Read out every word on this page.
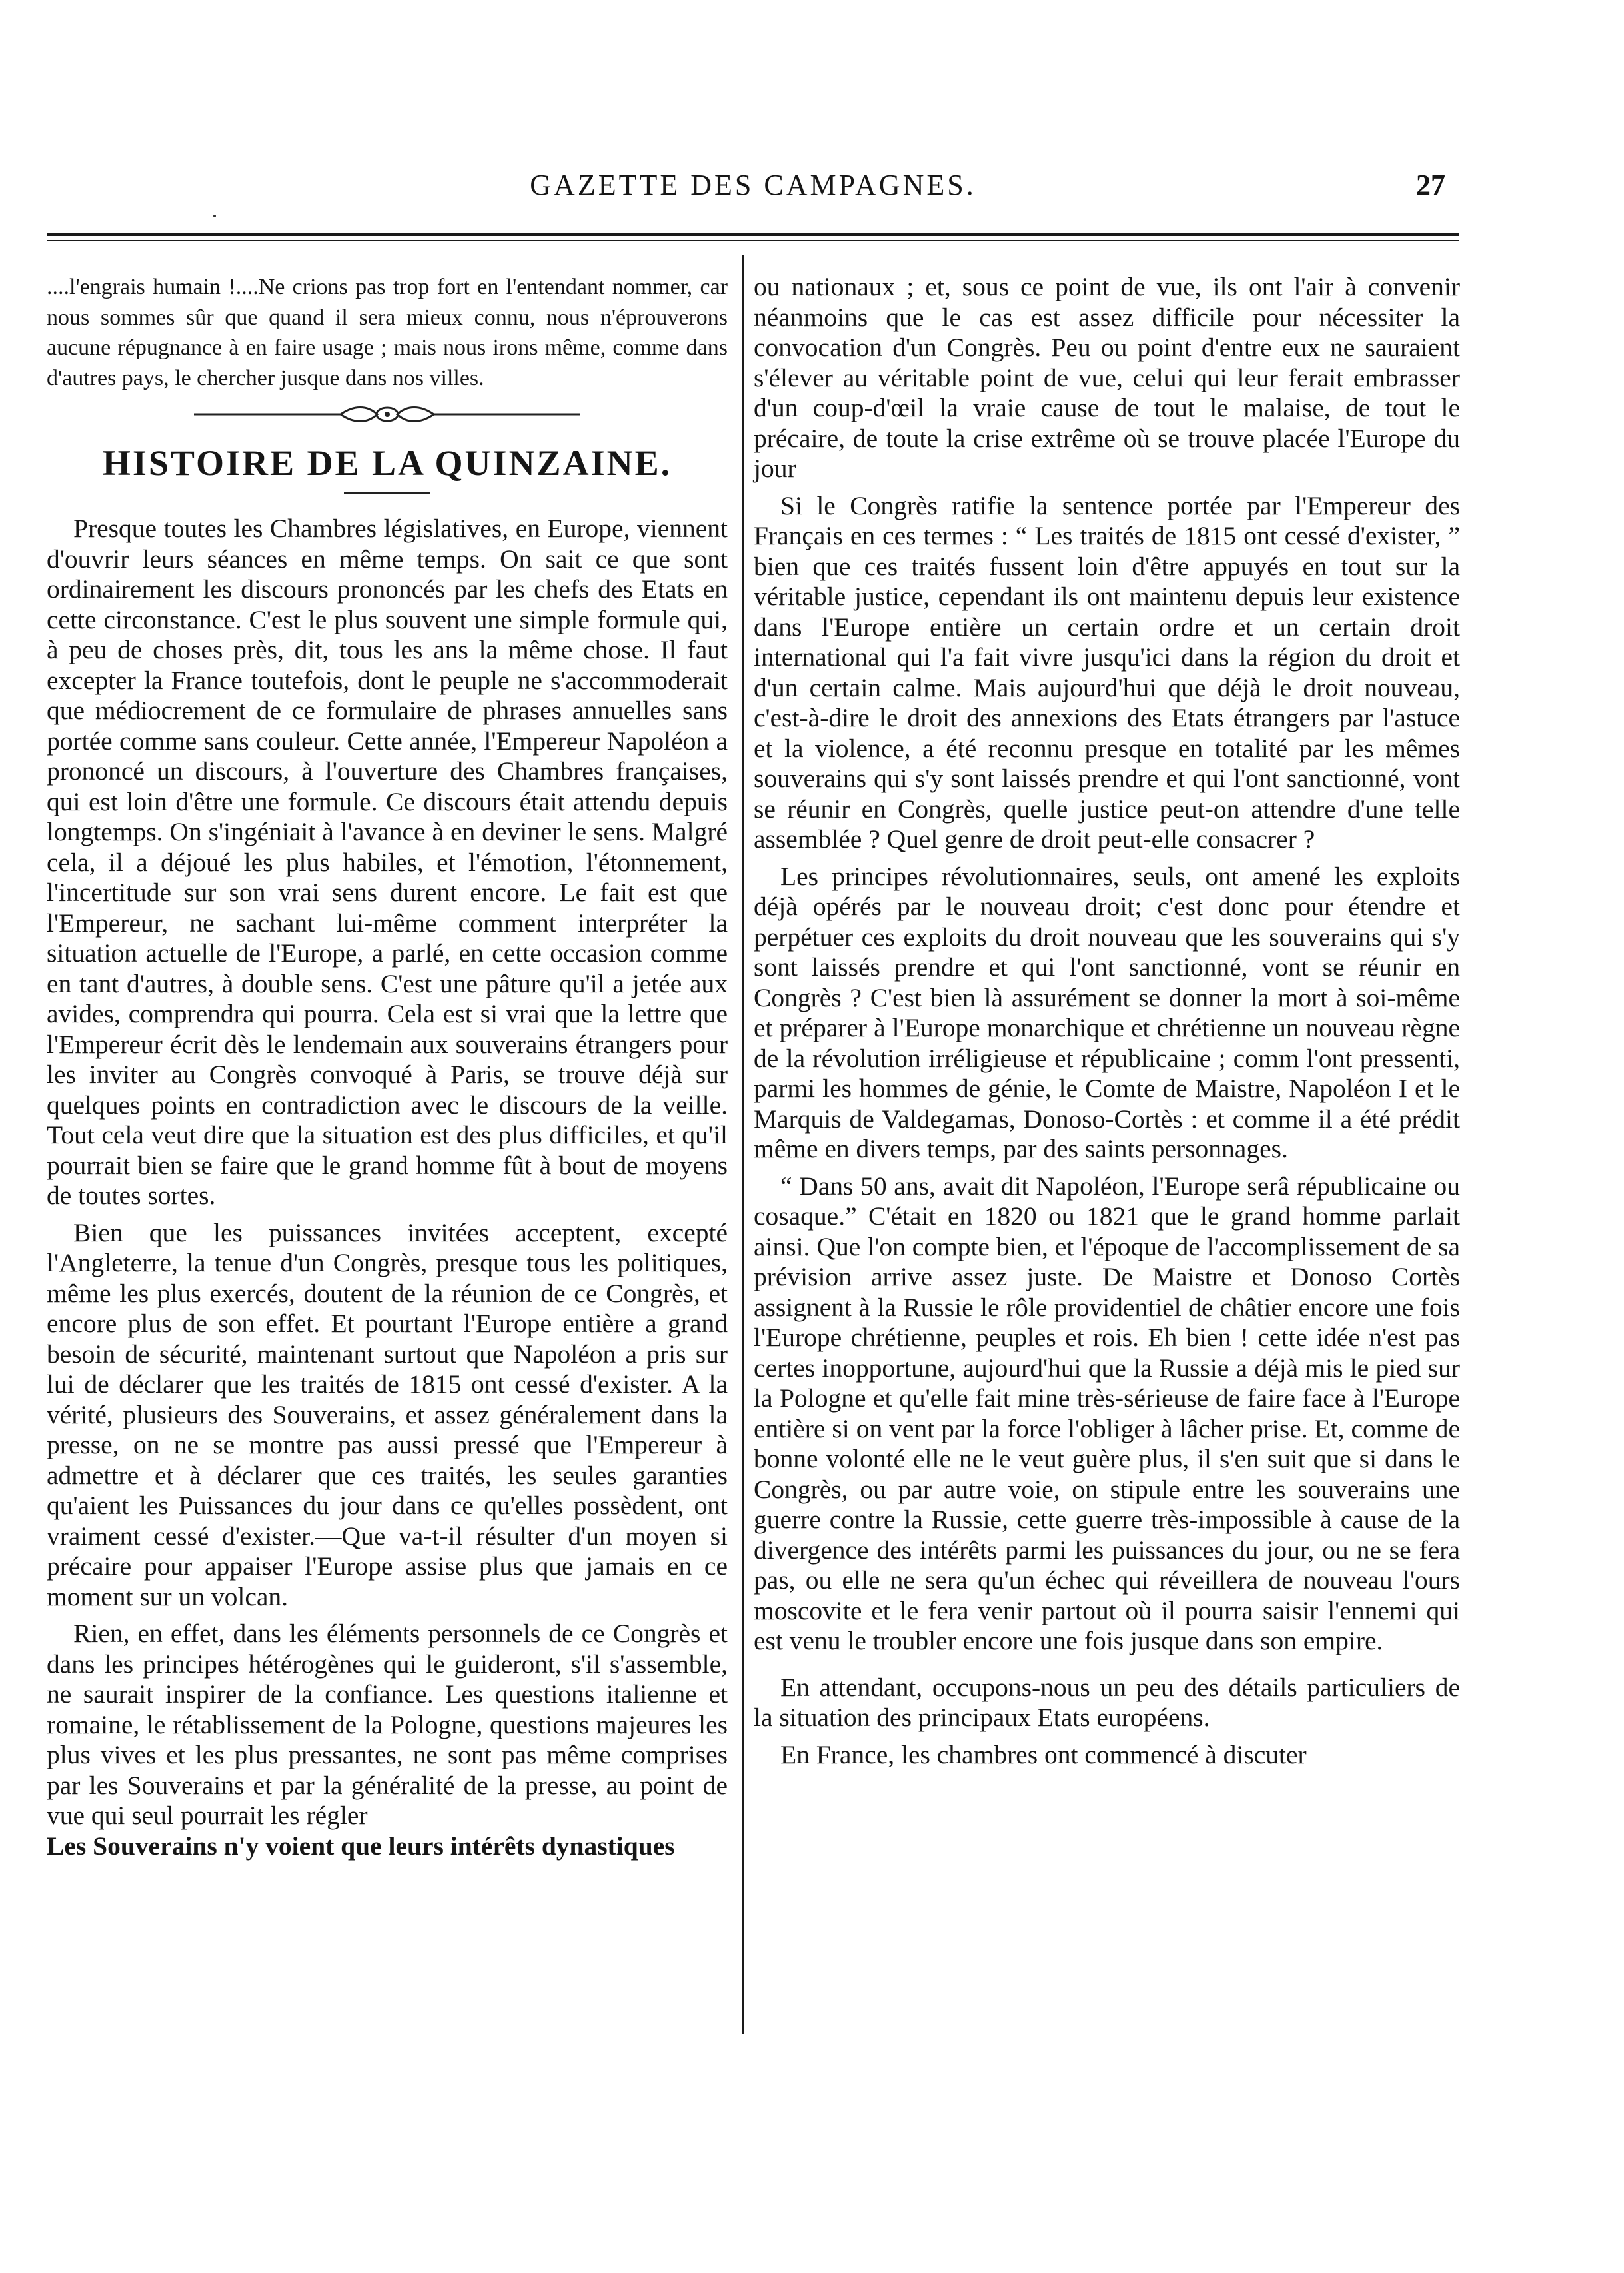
GAZETTE DES CAMPAGNES.	27

....l'engrais humain !....Ne crions pas trop fort en l'entendant nommer, car nous sommes sûr que quand il sera mieux connu, nous n'éprouverons aucune répugnance à en faire usage ; mais nous irons même, comme dans d'autres pays, le chercher jusque dans nos villes.

HISTOIRE DE LA QUINZAINE.

Presque toutes les Chambres législatives, en Europe, viennent d'ouvrir leurs séances en même temps. On sait ce que sont ordinairement les discours prononcés par les chefs des Etats en cette circonstance. C'est le plus souvent une simple formule qui, à peu de choses près, dit, tous les ans la même chose. Il faut excepter la France toutefois, dont le peuple ne s'accommoderait que médiocrement de ce formulaire de phrases annuelles sans portée comme sans couleur. Cette année, l'Empereur Napoléon a prononcé un discours, à l'ouverture des Chambres françaises, qui est loin d'être une formule. Ce discours était attendu depuis longtemps. On s'ingéniait à l'avance à en deviner le sens. Malgré cela, il a déjoué les plus habiles, et l'émotion, l'étonnement, l'incertitude sur son vrai sens durent encore. Le fait est que l'Empereur, ne sachant lui-même comment interpréter la situation actuelle de l'Europe, a parlé, en cette occasion comme en tant d'autres, à double sens. C'est une pâture qu'il a jetée aux avides, comprendra qui pourra. Cela est si vrai que la lettre que l'Empereur écrit dès le lendemain aux souverains étrangers pour les inviter au Congrès convoqué à Paris, se trouve déjà sur quelques points en contradiction avec le discours de la veille. Tout cela veut dire que la situation est des plus difficiles, et qu'il pourrait bien se faire que le grand homme fût à bout de moyens de toutes sortes.

Bien que les puissances invitées acceptent, excepté l'Angleterre, la tenue d'un Congrès, presque tous les politiques, même les plus exercés, doutent de la réunion de ce Congrès, et encore plus de son effet. Et pourtant l'Europe entière a grand besoin de sécurité, maintenant surtout que Napoléon a pris sur lui de déclarer que les traités de 1815 ont cessé d'exister. A la vérité, plusieurs des Souverains, et assez généralement dans la presse, on ne se montre pas aussi pressé que l'Empereur à admettre et à déclarer que ces traités, les seules garanties qu'aient les Puissances du jour dans ce qu'elles possèdent, ont vraiment cessé d'exister.—Que va-t-il résulter d'un moyen si précaire pour appaiser l'Europe assise plus que jamais en ce moment sur un volcan.

Rien, en effet, dans les éléments personnels de ce Congrès et dans les principes hétérogènes qui le guideront, s'il s'assemble, ne saurait inspirer de la confiance. Les questions italienne et romaine, le rétablissement de la Pologne, questions majeures les plus vives et les plus pressantes, ne sont pas même comprises par les Souverains et par la généralité de la presse, au point de vue qui seul pourrait les régler

Les Souverains n'y voient que leurs intérêts dynastiques

ou nationaux ; et, sous ce point de vue, ils ont l'air à convenir néanmoins que le cas est assez difficile pour nécessiter la convocation d'un Congrès. Peu ou point d'entre eux ne sauraient s'élever au véritable point de vue, celui qui leur ferait embrasser d'un coup-d'œil la vraie cause de tout le malaise, de tout le précaire, de toute la crise extrême où se trouve placée l'Europe du jour

Si le Congrès ratifie la sentence portée par l'Empereur des Français en ces termes : “ Les traités de 1815 ont cessé d'exister, ” bien que ces traités fussent loin d'être appuyés en tout sur la véritable justice, cependant ils ont maintenu depuis leur existence dans l'Europe entière un certain ordre et un certain droit international qui l'a fait vivre jusqu'ici dans la région du droit et d'un certain calme. Mais aujourd'hui que déjà le droit nouveau, c'est-à-dire le droit des annexions des Etats étrangers par l'astuce et la violence, a été reconnu presque en totalité par les mêmes souverains qui s'y sont laissés prendre et qui l'ont sanctionné, vont se réunir en Congrès, quelle justice peut-on attendre d'une telle assemblée ? Quel genre de droit peut-elle consacrer ?

Les principes révolutionnaires, seuls, ont amené les exploits déjà opérés par le nouveau droit; c'est donc pour étendre et perpétuer ces exploits du droit nouveau que les souverains qui s'y sont laissés prendre et qui l'ont sanctionné, vont se réunir en Congrès ? C'est bien là assurément se donner la mort à soi-même et préparer à l'Europe monarchique et chrétienne un nouveau règne de la révolution irréligieuse et républicaine ; comm l'ont pressenti, parmi les hommes de génie, le Comte de Maistre, Napoléon I et le Marquis de Valdegamas, Donoso-Cortès : et comme il a été prédit même en divers temps, par des saints personnages.

“ Dans 50 ans, avait dit Napoléon, l'Europe serâ républicaine ou cosaque.” C'était en 1820 ou 1821 que le grand homme parlait ainsi. Que l'on compte bien, et l'époque de l'accomplissement de sa prévision arrive assez juste. De Maistre et Donoso Cortès assignent à la Russie le rôle providentiel de châtier encore une fois l'Europe chrétienne, peuples et rois. Eh bien ! cette idée n'est pas certes inopportune, aujourd'hui que la Russie a déjà mis le pied sur la Pologne et qu'elle fait mine très-sérieuse de faire face à l'Europe entière si on vent par la force l'obliger à lâcher prise. Et, comme de bonne volonté elle ne le veut guère plus, il s'en suit que si dans le Congrès, ou par autre voie, on stipule entre les souverains une guerre contre la Russie, cette guerre très-impossible à cause de la divergence des intérêts parmi les puissances du jour, ou ne se fera pas, ou elle ne sera qu'un échec qui réveillera de nouveau l'ours moscovite et le fera venir partout où il pourra saisir l'ennemi qui est venu le troubler encore une fois jusque dans son empire.

En attendant, occupons-nous un peu des détails particuliers de la situation des principaux Etats européens.

En France, les chambres ont commencé à discuter
